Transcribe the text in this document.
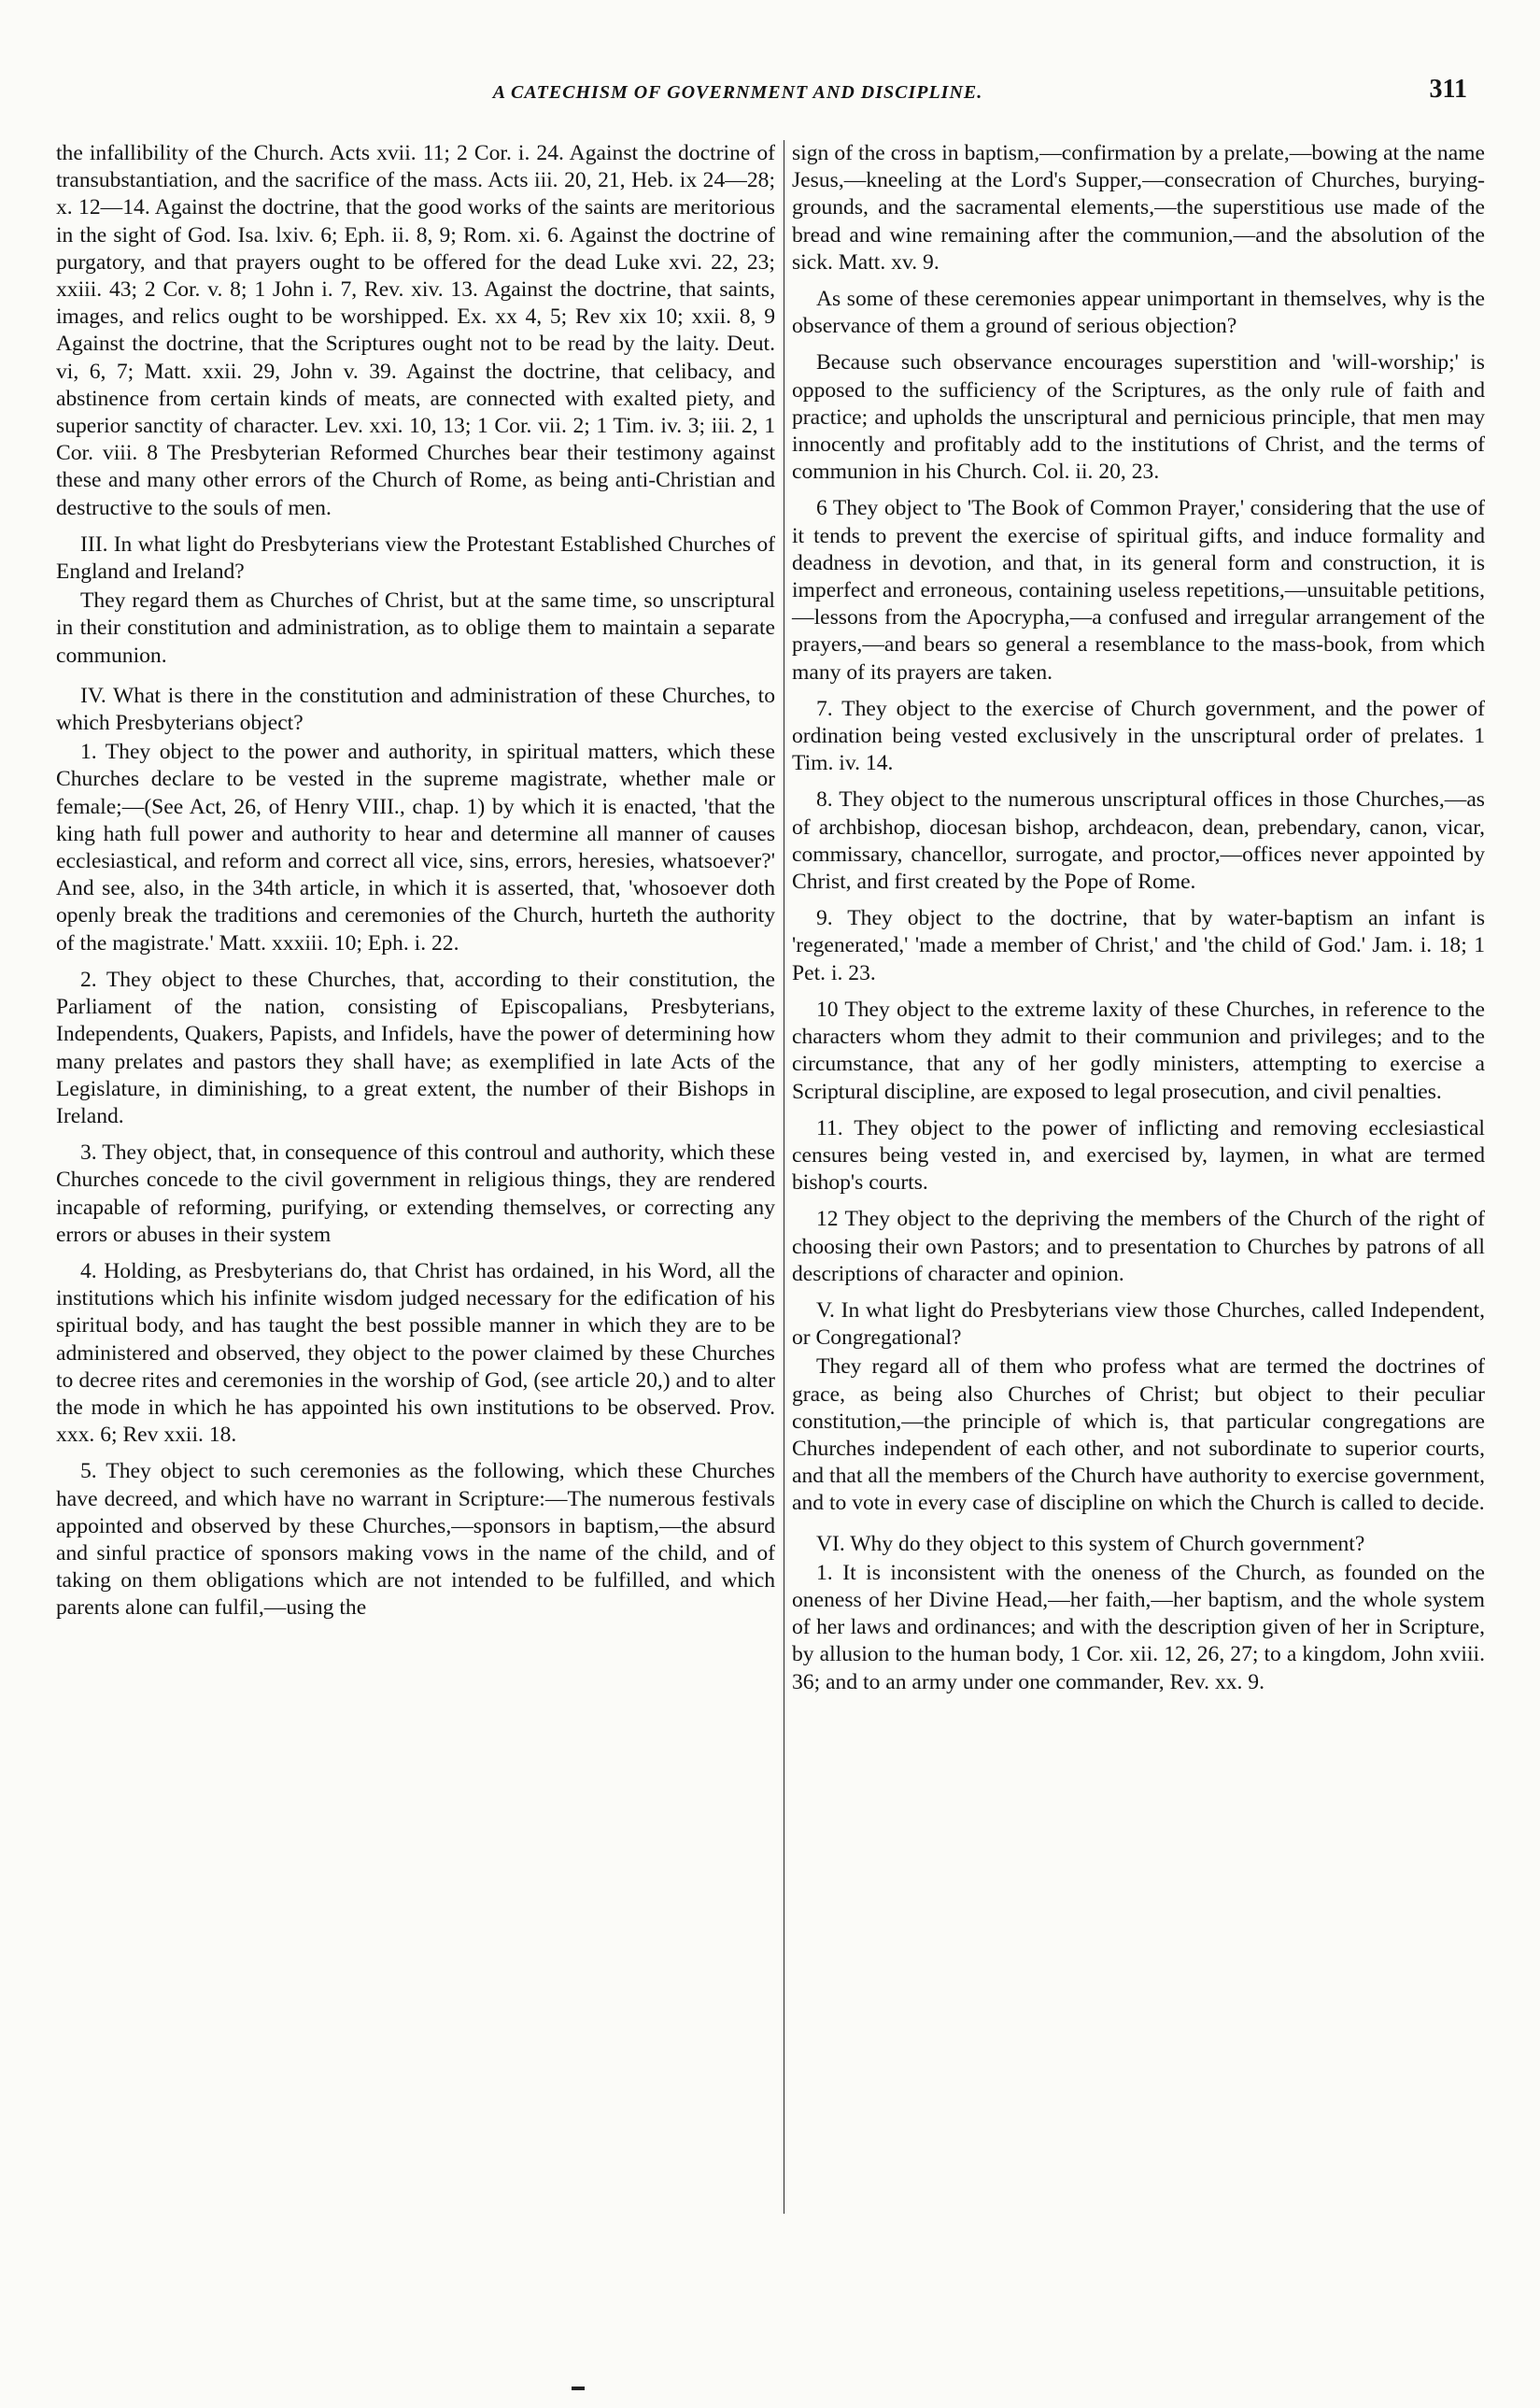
A CATECHISM OF GOVERNMENT AND DISCIPLINE.	311

the infallibility of the Church. Acts xvii. 11; 2 Cor. i. 24. Against the doctrine of transubstantiation, and the sacrifice of the mass. Acts iii. 20, 21, Heb. ix 24—28; x. 12—14. Against the doctrine, that the good works of the saints are meritorious in the sight of God. Isa. lxiv. 6; Eph. ii. 8, 9; Rom. xi. 6. Against the doctrine of purgatory, and that prayers ought to be offered for the dead Luke xvi. 22, 23; xxiii. 43; 2 Cor. v. 8; 1 John i. 7, Rev. xiv. 13. Against the doctrine, that saints, images, and relics ought to be worshipped. Ex. xx 4, 5; Rev xix 10; xxii. 8, 9 Against the doctrine, that the Scriptures ought not to be read by the laity. Deut. vi, 6, 7; Matt. xxii. 29, John v. 39. Against the doctrine, that celibacy, and abstinence from certain kinds of meats, are connected with exalted piety, and superior sanctity of character. Lev. xxi. 10, 13; 1 Cor. vii. 2; 1 Tim. iv. 3; iii. 2, 1 Cor. viii. 8 The Presbyterian Reformed Churches bear their testimony against these and many other errors of the Church of Rome, as being anti-Christian and destructive to the souls of men.

III. In what light do Presbyterians view the Protestant Established Churches of England and Ireland?

They regard them as Churches of Christ, but at the same time, so unscriptural in their constitution and administration, as to oblige them to maintain a separate communion.

IV. What is there in the constitution and administration of these Churches, to which Presbyterians object?

1. They object to the power and authority, in spiritual matters, which these Churches declare to be vested in the supreme magistrate, whether male or female;—(See Act, 26, of Henry VIII., chap. 1) by which it is enacted, 'that the king hath full power and authority to hear and determine all manner of causes ecclesiastical, and reform and correct all vice, sins, errors, heresies, whatsoever?' And see, also, in the 34th article, in which it is asserted, that, 'whosoever doth openly break the traditions and ceremonies of the Church, hurteth the authority of the magistrate.' Matt. xxxiii. 10; Eph. i. 22.

2. They object to these Churches, that, according to their constitution, the Parliament of the nation, consisting of Episcopalians, Presbyterians, Independents, Quakers, Papists, and Infidels, have the power of determining how many prelates and pastors they shall have; as exemplified in late Acts of the Legislature, in diminishing, to a great extent, the number of their Bishops in Ireland.

3. They object, that, in consequence of this controul and authority, which these Churches concede to the civil government in religious things, they are rendered incapable of reforming, purifying, or extending themselves, or correcting any errors or abuses in their system

4. Holding, as Presbyterians do, that Christ has ordained, in his Word, all the institutions which his infinite wisdom judged necessary for the edification of his spiritual body, and has taught the best possible manner in which they are to be administered and observed, they object to the power claimed by these Churches to decree rites and ceremonies in the worship of God, (see article 20,) and to alter the mode in which he has appointed his own institutions to be observed. Prov. xxx. 6; Rev xxii. 18.

5. They object to such ceremonies as the following, which these Churches have decreed, and which have no warrant in Scripture:—The numerous festivals appointed and observed by these Churches,—sponsors in baptism,—the absurd and sinful practice of sponsors making vows in the name of the child, and of taking on them obligations which are not intended to be fulfilled, and which parents alone can fulfil,—using the

sign of the cross in baptism,—confirmation by a prelate,—bowing at the name Jesus,—kneeling at the Lord's Supper,—consecration of Churches, burying-grounds, and the sacramental elements,—the superstitious use made of the bread and wine remaining after the communion,—and the absolution of the sick. Matt. xv. 9.

As some of these ceremonies appear unimportant in themselves, why is the observance of them a ground of serious objection?

Because such observance encourages superstition and 'will-worship;' is opposed to the sufficiency of the Scriptures, as the only rule of faith and practice; and upholds the unscriptural and pernicious principle, that men may innocently and profitably add to the institutions of Christ, and the terms of communion in his Church. Col. ii. 20, 23.

6 They object to 'The Book of Common Prayer,' considering that the use of it tends to prevent the exercise of spiritual gifts, and induce formality and deadness in devotion, and that, in its general form and construction, it is imperfect and erroneous, containing useless repetitions,—unsuitable petitions,—lessons from the Apocrypha,—a confused and irregular arrangement of the prayers,—and bears so general a resemblance to the mass-book, from which many of its prayers are taken.

7. They object to the exercise of Church government, and the power of ordination being vested exclusively in the unscriptural order of prelates. 1 Tim. iv. 14.

8. They object to the numerous unscriptural offices in those Churches,—as of archbishop, diocesan bishop, archdeacon, dean, prebendary, canon, vicar, commissary, chancellor, surrogate, and proctor,—offices never appointed by Christ, and first created by the Pope of Rome.

9. They object to the doctrine, that by water-baptism an infant is 'regenerated,' 'made a member of Christ,' and 'the child of God.' Jam. i. 18; 1 Pet. i. 23.

10 They object to the extreme laxity of these Churches, in reference to the characters whom they admit to their communion and privileges; and to the circumstance, that any of her godly ministers, attempting to exercise a Scriptural discipline, are exposed to legal prosecution, and civil penalties.

11. They object to the power of inflicting and removing ecclesiastical censures being vested in, and exercised by, laymen, in what are termed bishop's courts.

12 They object to the depriving the members of the Church of the right of choosing their own Pastors; and to presentation to Churches by patrons of all descriptions of character and opinion.

V. In what light do Presbyterians view those Churches, called Independent, or Congregational?

They regard all of them who profess what are termed the doctrines of grace, as being also Churches of Christ; but object to their peculiar constitution,—the principle of which is, that particular congregations are Churches independent of each other, and not subordinate to superior courts, and that all the members of the Church have authority to exercise government, and to vote in every case of discipline on which the Church is called to decide.

VI. Why do they object to this system of Church government?

1. It is inconsistent with the oneness of the Church, as founded on the oneness of her Divine Head,—her faith,—her baptism, and the whole system of her laws and ordinances; and with the description given of her in Scripture, by allusion to the human body, 1 Cor. xii. 12, 26, 27; to a kingdom, John xviii. 36; and to an army under one commander, Rev. xx. 9.
